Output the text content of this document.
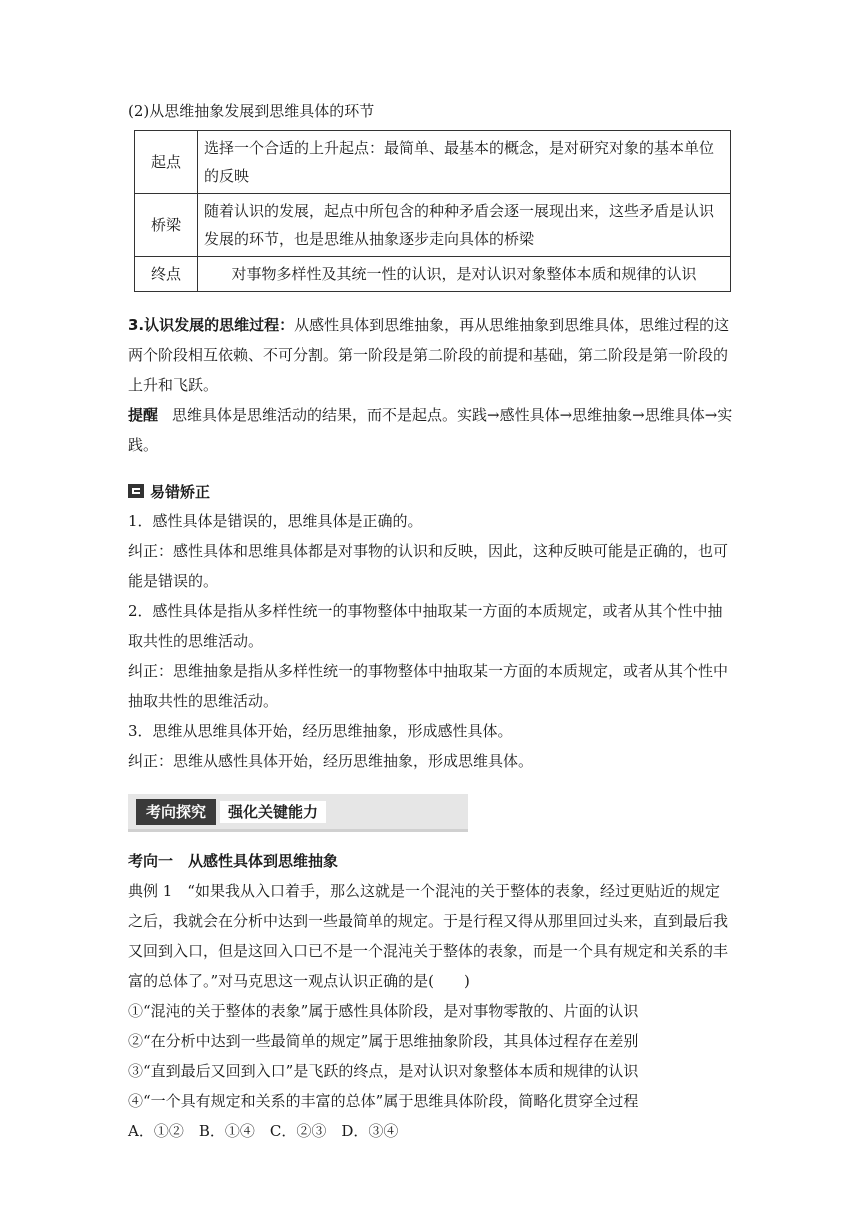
(2)从思维抽象发展到思维具体的环节

起点	选择一个合适的上升起点：最简单、最基本的概念，是对研究对象的基本单位的反映
桥梁	随着认识的发展，起点中所包含的种种矛盾会逐一展现出来，这些矛盾是认识发展的环节，也是思维从抽象逐步走向具体的桥梁
终点	对事物多样性及其统一性的认识，是对认识对象整体本质和规律的认识

3.认识发展的思维过程：从感性具体到思维抽象，再从思维抽象到思维具体，思维过程的这两个阶段相互依赖、不可分割。第一阶段是第二阶段的前提和基础，第二阶段是第一阶段的上升和飞跃。

提醒 思维具体是思维活动的结果，而不是起点。实践→感性具体→思维抽象→思维具体→实践。

易错矫正

1．感性具体是错误的，思维具体是正确的。

纠正：感性具体和思维具体都是对事物的认识和反映，因此，这种反映可能是正确的，也可能是错误的。

2．感性具体是指从多样性统一的事物整体中抽取某一方面的本质规定，或者从其个性中抽取共性的思维活动。

纠正：思维抽象是指从多样性统一的事物整体中抽取某一方面的本质规定，或者从其个性中抽取共性的思维活动。

3．思维从思维具体开始，经历思维抽象，形成感性具体。

纠正：思维从感性具体开始，经历思维抽象，形成思维具体。

考向探究	强化关键能力

考向一　从感性具体到思维抽象

典例 1　“如果我从入口着手，那么这就是一个混沌的关于整体的表象，经过更贴近的规定之后，我就会在分析中达到一些最简单的规定。于是行程又得从那里回过头来，直到最后我又回到入口，但是这回入口已不是一个混沌关于整体的表象，而是一个具有规定和关系的丰富的总体了。”对马克思这一观点认识正确的是(　　)

①“混沌的关于整体的表象”属于感性具体阶段，是对事物零散的、片面的认识

②“在分析中达到一些最简单的规定”属于思维抽象阶段，其具体过程存在差别

③“直到最后又回到入口”是飞跃的终点，是对认识对象整体本质和规律的认识

④“一个具有规定和关系的丰富的总体”属于思维具体阶段，简略化贯穿全过程

A．①②　B．①④　C．②③　D．③④
